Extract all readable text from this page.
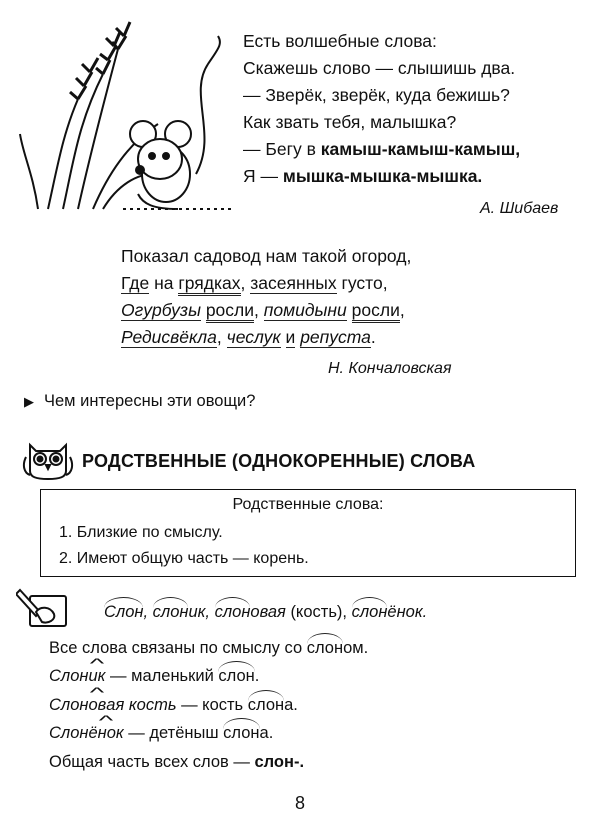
Есть волшебные слова:
Скажешь слово — слышишь два.
— Зверёк, зверёк, куда бежишь?
Как звать тебя, малышка?
— Бегу в камыш-камыш-камыш,
Я — мышка-мышка-мышка.
А. Шибаев
Показал садовод нам такой огород,
Где на грядках, засеянных густо,
Огурбузы росли, помидыни росли,
Редисвёкла, чеслук и репуста.
Н. Кончаловская
▶ Чем интересны эти овощи?
РОДСТВЕННЫЕ (ОДНОКОРЕННЫЕ) СЛОВА
Родственные слова:
1. Близкие по смыслу.
2. Имеют общую часть — корень.
Слон, слоник, слоновая (кость), слонёнок.
Все слова связаны по смыслу со слоном.
Слон^ ик — маленький слон.
Слон^ овая кость — кость слона.
Слон^ ёнок — детёныш слона.
Общая часть всех слов — слон-.
8
